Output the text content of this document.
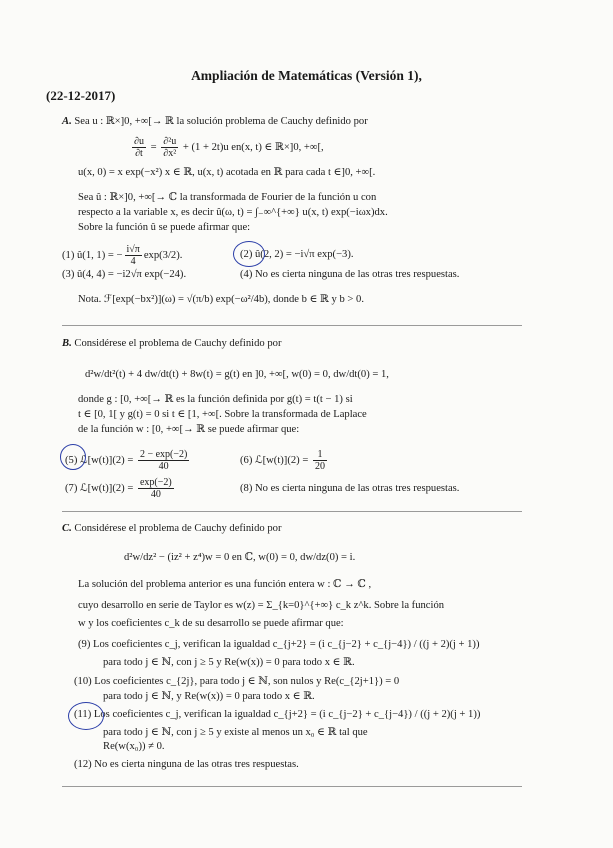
Ampliación de Matemáticas (Versión 1),
(22-12-2017)
A. Sea u : ℝ×]0, +∞[→ ℝ la solución problema de Cauchy definido por
$\frac{\partial u}{\partial t} = \frac{\text{∂²u}}{\text{∂x²}} + (1 + 2t)u$ en(x, t) ∈ ℝ×]0, +∞[,
u(x, 0) = x exp(−x²) x ∈ ℝ, u(x, t) acotada en ℝ para cada t ∈]0, +∞[.
Sea û : ℝ×]0, +∞[→ ℂ la transformada de Fourier de la función u con
respecto a la variable x, es decir û(ω, t) = ∫₋∞^{+∞} u(x, t) exp(−iωx)dx.
Sobre la función û se puede afirmar que:
(1) û(1, 1) = − $\frac{i√\pi}{4} \exp(3/2)$.	(2) û(2, 2) = −i√π exp(−3).
(3) û(4, 4) = −i2√π exp(−24).	(4) No es cierta ninguna de las otras tres respuestas.
Nota. ℱ[exp(−bx²)](ω) = √(π/b) exp(−ω²/4b), donde b ∈ ℝ y b > 0.
B. Considérese el problema de Cauchy definido por
d²w/dt²(t) + 4 dw/dt(t) + 8w(t) = g(t) en ]0, +∞[, w(0) = 0, dw/dt(0) = 1,
donde g : [0, +∞[→ ℝ es la función definida por g(t) = t(t − 1) si
t ∈ [0, 1[ y g(t) = 0 si t ∈ [1, +∞[. Sobre la transformada de Laplace
de la función w : [0, +∞[→ ℝ se puede afirmar que:
(5) ℒ[w(t)](2) = $\frac{2 - \exp(-2)}{40}$	(6) ℒ[w(t)](2) = $\frac{1}{20}$
(7) ℒ[w(t)](2) = $\frac{\exp(-2)}{40}$	(8) No es cierta ninguna de las otras tres respuestas.
C. Considérese el problema de Cauchy definido por
d²w/dz² − (iz² + z⁴)w = 0 en ℂ, w(0) = 0, dw/dz(0) = i.
La solución del problema anterior es una función entera w : ℂ → ℂ ,
cuyo desarrollo en serie de Taylor es w(z) = Σ_{k=0}^{+∞} c_k z^k. Sobre la función
w y los coeficientes c_k de su desarrollo se puede afirmar que:
(9) Los coeficientes c_j, verifican la igualdad c_{j+2} = (i c_{j−2} + c_{j−4}) / ((j + 2)(j + 1))
para todo j ∈ ℕ, con j ≥ 5 y Re(w(x)) = 0 para todo x ∈ ℝ.
(10) Los coeficientes c_{2j}, para todo j ∈ ℕ, son nulos y Re(c_{2j+1}) = 0
para todo j ∈ ℕ, y Re(w(x)) = 0 para todo x ∈ ℝ.
(11) Los coeficientes c_j, verifican la igualdad c_{j+2} = (i c_{j−2} + c_{j−4}) / ((j + 2)(j + 1))
para todo j ∈ ℕ, con j ≥ 5 y existe al menos un x₀ ∈ ℝ tal que
Re(w(x₀)) ≠ 0.
(12) No es cierta ninguna de las otras tres respuestas.
